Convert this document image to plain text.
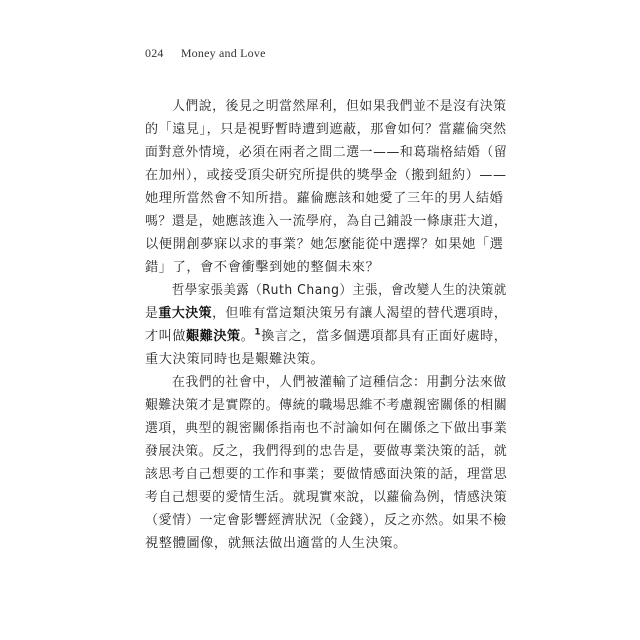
024 Money and Love
人們說，後見之明當然犀利，但如果我們並不是沒有決策
的「遠見」，只是視野暫時遭到遮蔽，那會如何？當蘿倫突然
面對意外情境，必須在兩者之間二選一——和葛瑞格結婚（留
在加州），或接受頂尖研究所提供的獎學金（搬到紐約）——
她理所當然會不知所措。蘿倫應該和她愛了三年的男人結婚
嗎？還是，她應該進入一流學府，為自己鋪設一條康莊大道，
以便開創夢寐以求的事業？她怎麼能從中選擇？如果她「選
錯」了，會不會衝擊到她的整個未來？
哲學家張美露（Ruth Chang）主張，會改變人生的決策就
是重大決策，但唯有當這類決策另有讓人渴望的替代選項時，
才叫做艱難決策。$^1$換言之，當多個選項都具有正面好處時，
重大決策同時也是艱難決策。
在我們的社會中，人們被灌輸了這種信念：用劃分法來做
艱難決策才是實際的。傳統的職場思維不考慮親密關係的相關
選項，典型的親密關係指南也不討論如何在關係之下做出事業
發展決策。反之，我們得到的忠告是，要做專業決策的話，就
該思考自己想要的工作和事業；要做情感面決策的話，理當思
考自己想要的愛情生活。就現實來說，以蘿倫為例，情感決策
（愛情）一定會影響經濟狀況（金錢），反之亦然。如果不檢
視整體圖像，就無法做出適當的人生決策。
